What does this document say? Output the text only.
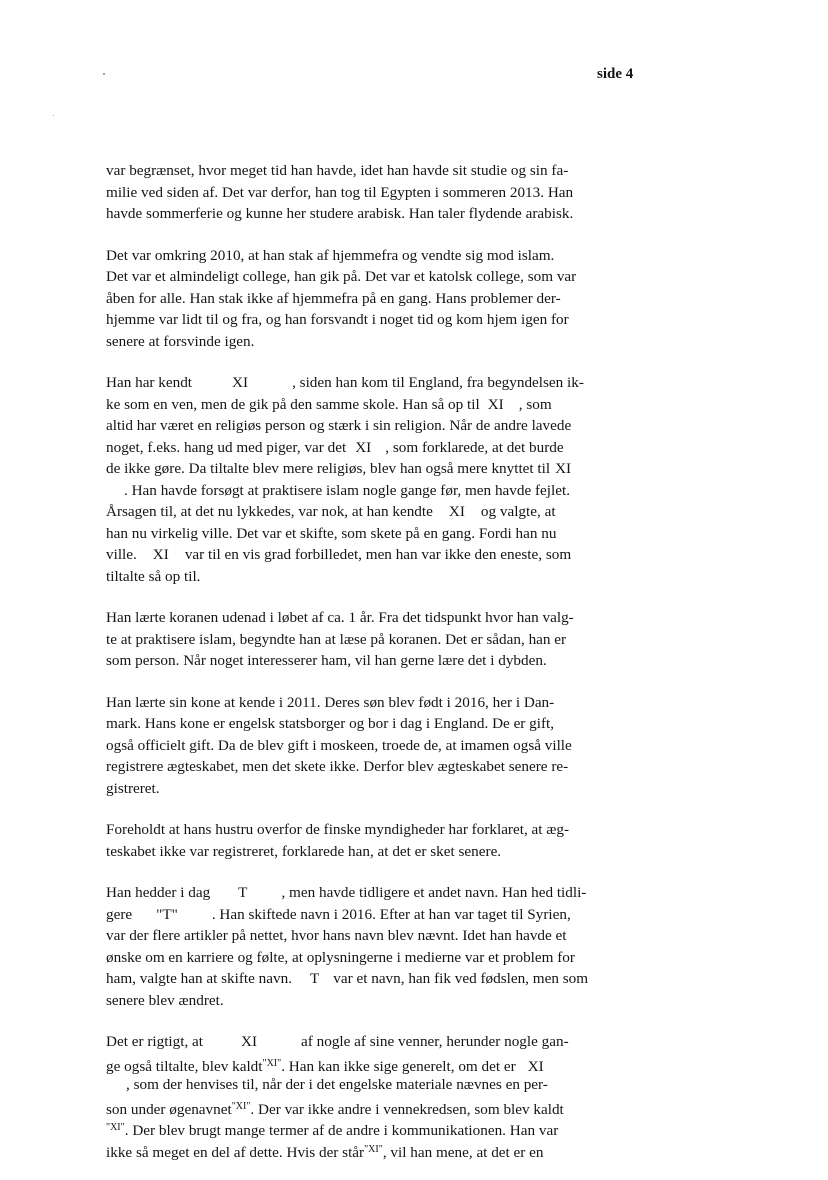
side 4
var begrænset, hvor meget tid han havde, idet han havde sit studie og sin fa-
milie ved siden af. Det var derfor, han tog til Egypten i sommeren 2013. Han
havde sommerferie og kunne her studere arabisk. Han taler flydende arabisk.
Det var omkring 2010, at han stak af hjemmefra og vendte sig mod islam.
Det var et almindeligt college, han gik på. Det var et katolsk college, som var
åben for alle. Han stak ikke af hjemmefra på en gang. Hans problemer der-
hjemme var lidt til og fra, og han forsvandt i noget tid og kom hjem igen for
senere at forsvinde igen.
Han har kendt	XI	, siden han kom til England, fra begyndelsen ik-
ke som en ven, men de gik på den samme skole. Han så op til XI , som
altid har været en religiøs person og stærk i sin religion. Når de andre lavede
noget, f.eks. hang ud med piger, var det XI , som forklarede, at det burde
de ikke gøre. Da tiltalte blev mere religiøs, blev han også mere knyttet til XI
. Han havde forsøgt at praktisere islam nogle gange før, men havde fejlet.
Årsagen til, at det nu lykkedes, var nok, at han kendte XI og valgte, at
han nu virkelig ville. Det var et skifte, som skete på en gang. Fordi han nu
ville. XI var til en vis grad forbilledet, men han var ikke den eneste, som
tiltalte så op til.
Han lærte koranen udenad i løbet af ca. 1 år. Fra det tidspunkt hvor han valg-
te at praktisere islam, begyndte han at læse på koranen. Det er sådan, han er
som person. Når noget interesserer ham, vil han gerne lære det i dybden.
Han lærte sin kone at kende i 2011. Deres søn blev født i 2016, her i Dan-
mark. Hans kone er engelsk statsborger og bor i dag i England. De er gift,
også officielt gift. Da de blev gift i moskeen, troede de, at imamen også ville
registrere ægteskabet, men det skete ikke. Derfor blev ægteskabet senere re-
gistreret.
Foreholdt at hans hustru overfor de finske myndigheder har forklaret, at æg-
teskabet ikke var registreret, forklarede han, at det er sket senere.
Han hedder i dag T , men havde tidligere et andet navn. Han hed tidli-
gere "T" . Han skiftede navn i 2016. Efter at han var taget til Syrien,
var der flere artikler på nettet, hvor hans navn blev nævnt. Idet han havde et
ønske om en karriere og følte, at oplysningerne i medierne var et problem for
ham, valgte han at skifte navn. T var et navn, han fik ved fødslen, men som
senere blev ændret.
Det er rigtigt, at	XI	af nogle af sine venner, herunder nogle gan-
ge også tiltalte, blev kaldt$^{"XI"}$. Han kan ikke sige generelt, om det er XI
, som der henvises til, når der i det engelske materiale nævnes en per-
son under øgenavnet$^{"XI"}$. Der var ikke andre i vennekredsen, som blev kaldt
$^{"XI"}$. Der blev brugt mange termer af de andre i kommunikationen. Han var
ikke så meget en del af dette. Hvis der står$^{"XI"}$, vil han mene, at det er en
